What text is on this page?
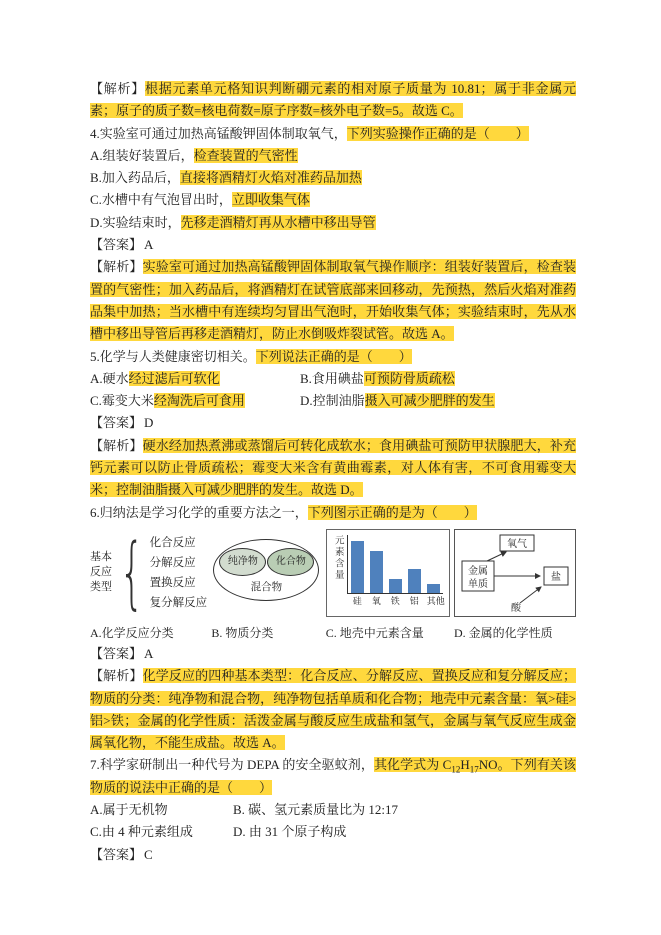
【解析】根据元素单元格知识判断硼元素的相对原子质量为 10.81；属于非金属元素；原子的质子数=核电荷数=原子序数=核外电子数=5。故选 C。

4.实验室可通过加热高锰酸钾固体制取氧气，下列实验操作正确的是（　　）

A.组装好装置后，检查装置的气密性

B.加入药品后，直接将酒精灯火焰对准药品加热

C.水槽中有气泡冒出时，立即收集气体

D.实验结束时，先移走酒精灯再从水槽中移出导管

【答案】 A

【解析】实验室可通过加热高锰酸钾固体制取氧气操作顺序：组装好装置后，检查装置的气密性；加入药品后，将酒精灯在试管底部来回移动，先预热，然后火焰对准药品集中加热；当水槽中有连续均匀冒出气泡时，开始收集气体；实验结束时，先从水槽中移出导管后再移走酒精灯，防止水倒吸炸裂试管。故选 A。

5.化学与人类健康密切相关。下列说法正确的是（　　）

A.硬水经过滤后可软化	B.食用碘盐可预防骨质疏松
C.霉变大米经淘洗后可食用	D.控制油脂摄入可减少肥胖的发生

【答案】 D

【解析】硬水经加热煮沸或蒸馏后可转化成软水；食用碘盐可预防甲状腺肥大，补充钙元素可以防止骨质疏松；霉变大米含有黄曲霉素，对人体有害，不可食用霉变大米；控制油脂摄入可减少肥胖的发生。故选 D。

6.归纳法是学习化学的重要方法之一，下列图示正确的是为（　　）

基本
反应
类型 { 化合反应
分解反应
置换反应
复分解反应
A.化学反应分类
纯净物	化合物
混合物
B. 物质分类
元素含量
硅 氧 铁 铝 其他
C. 地壳中元素含量
氧气
金属
单质
盐
酸
D. 金属的化学性质

【答案】 A

【解析】化学反应的四种基本类型：化合反应、分解反应、置换反应和复分解反应；物质的分类：纯净物和混合物，纯净物包括单质和化合物；地壳中元素含量：氧>硅>铝>铁；金属的化学性质：活泼金属与酸反应生成盐和氢气，金属与氧气反应生成金属氧化物，不能生成盐。故选 A。

7.科学家研制出一种代号为 DEPA 的安全驱蚊剂，其化学式为 $C_{12}H_{17}NO$。下列有关该物质的说法中正确的是（　　）

A.属于无机物	B. 碳、氢元素质量比为 12:17
C.由 4 种元素组成	D. 由 31 个原子构成

【答案】 C
